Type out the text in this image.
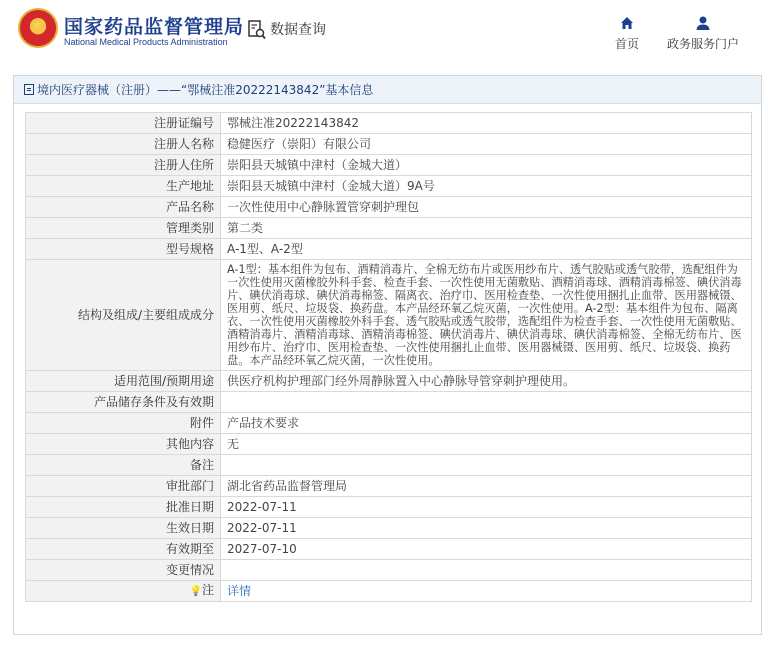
★ 国家药品监督管理局
National Medical Products Administration
数据查询
首页 政务服务门户
境内医疗器械（注册）——“鄂械注准20222143842”基本信息
注册证编号	鄂械注准20222143842
注册人名称	稳健医疗（崇阳）有限公司
注册人住所	崇阳县天城镇中津村（金城大道）
生产地址	崇阳县天城镇中津村（金城大道）9A号
产品名称	一次性使用中心静脉置管穿刺护理包
管理类别	第二类
型号规格	A-1型、A-2型
结构及组成/主要组成成分	A-1型：基本组件为包布、酒精消毒片、全棉无纺布片或医用纱布片、透气胶贴或透气胶带，选配组件为一次性使用灭菌橡胶外科手套、检查手套、一次性使用无菌敷贴、酒精消毒球、酒精消毒棉签、碘伏消毒片、碘伏消毒球、碘伏消毒棉签、隔离衣、治疗巾、医用检查垫、一次性使用捆扎止血带、医用器械镊、医用剪、纸尺、垃圾袋、换药盘。本产品经环氧乙烷灭菌，一次性使用。A-2型：基本组件为包布、隔离衣、一次性使用灭菌橡胶外科手套、透气胶贴或透气胶带，选配组件为检查手套、一次性使用无菌敷贴、酒精消毒片、酒精消毒球、酒精消毒棉签、碘伏消毒片、碘伏消毒球、碘伏消毒棉签、全棉无纺布片、医用纱布片、治疗巾、医用检查垫、一次性使用捆扎止血带、医用器械镊、医用剪、纸尺、垃圾袋、换药盘。本产品经环氧乙烷灭菌，一次性使用。
适用范围/预期用途	供医疗机构护理部门经外周静脉置入中心静脉导管穿刺护理使用。
产品储存条件及有效期	
附件	产品技术要求
其他内容	无
备注	
审批部门	湖北省药品监督管理局
批准日期	2022-07-11
生效日期	2022-07-11
有效期至	2027-07-10
变更情况	
💡注	详情
